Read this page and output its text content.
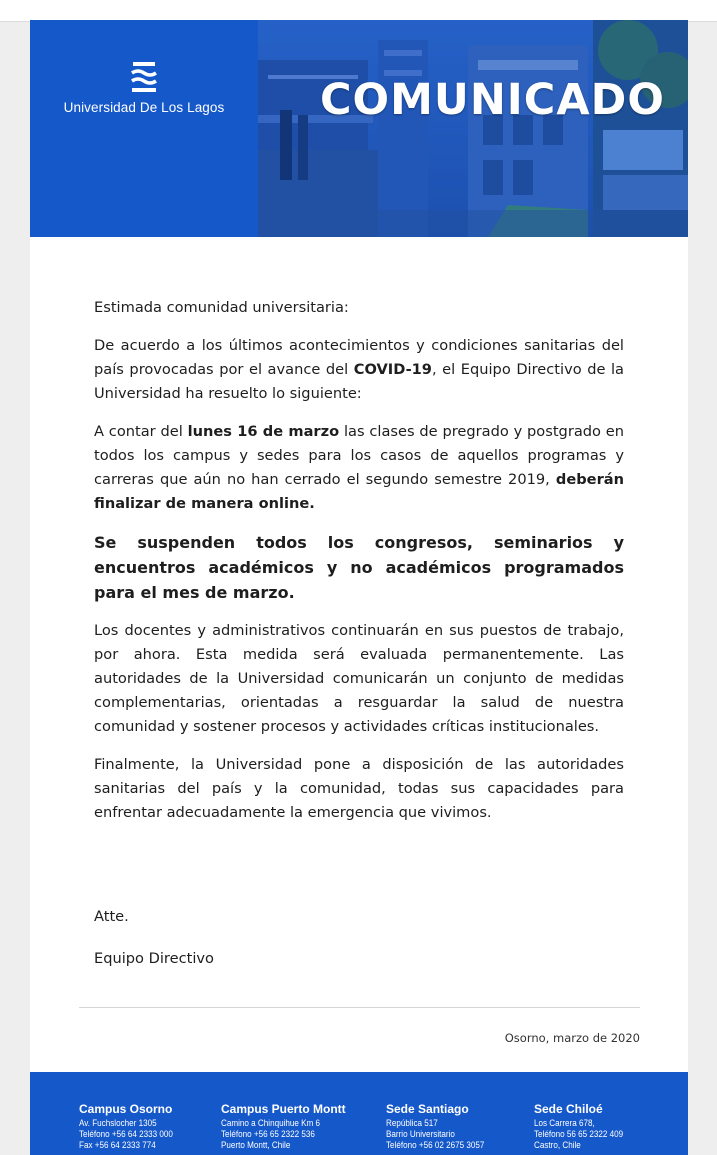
Universidad De Los Lagos	COMUNICADO

Estimada comunidad universitaria:

De acuerdo a los últimos acontecimientos y condiciones sanitarias del país provocadas por el avance del COVID-19, el Equipo Directivo de la Universidad ha resuelto lo siguiente:

A contar del lunes 16 de marzo las clases de pregrado y postgrado en todos los campus y sedes para los casos de aquellos programas y carreras que aún no han cerrado el segundo semestre 2019, deberán finalizar de manera online.

Se suspenden todos los congresos, seminarios y encuentros académicos y no académicos programados para el mes de marzo.

Los docentes y administrativos continuarán en sus puestos de trabajo, por ahora. Esta medida será evaluada permanentemente. Las autoridades de la Universidad comunicarán un conjunto de medidas complementarias, orientadas a resguardar la salud de nuestra comunidad y sostener procesos y actividades críticas institucionales.

Finalmente, la Universidad pone a disposición de las autoridades sanitarias del país y la comunidad, todas sus capacidades para enfrentar adecuadamente la emergencia que vivimos.

Atte.
Equipo Directivo
Osorno, marzo de 2020
Campus Osorno
Av. Fuchslocher 1305
Teléfono +56 64 2333 000
Fax +56 64 2333 774
Campus Puerto Montt
Camino a Chinquihue Km 6
Teléfono +56 65 2322 536
Puerto Montt, Chile
Sede Santiago
República 517
Barrio Universitario
Teléfono +56 02 2675 3057
Sede Chiloé
Los Carrera 678,
Teléfono 56 65 2322 409
Castro, Chile
